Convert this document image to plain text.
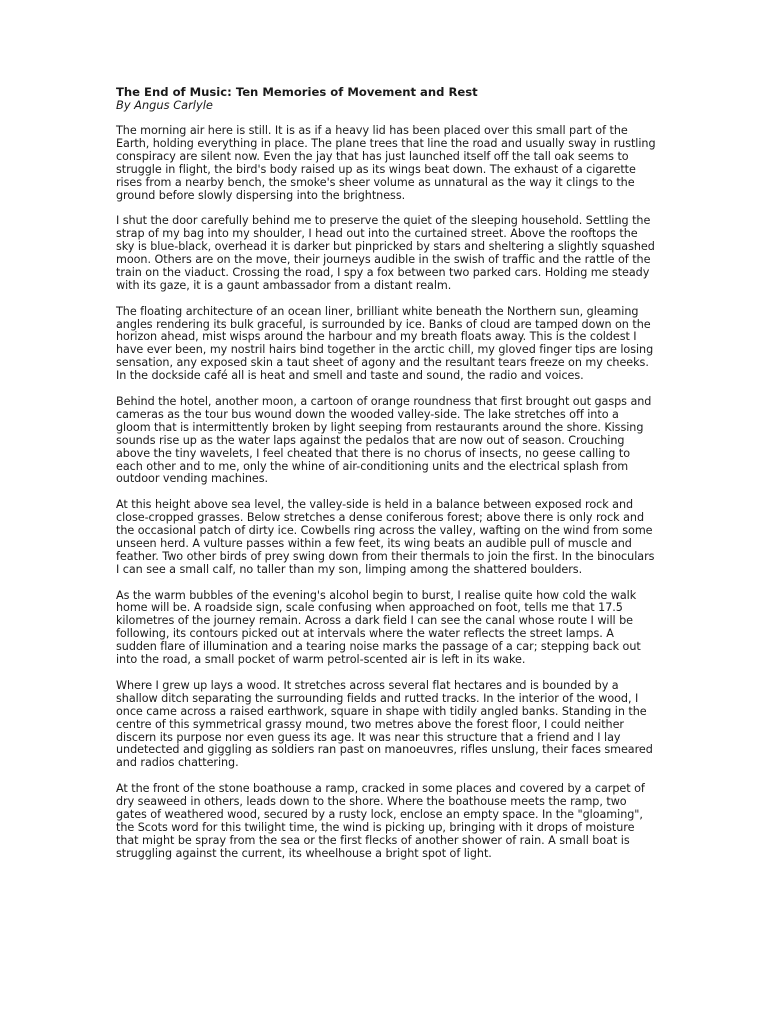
The End of Music: Ten Memories of Movement and Rest
By Angus Carlyle

The morning air here is still. It is as if a heavy lid has been placed over this small part of the Earth, holding everything in place. The plane trees that line the road and usually sway in rustling conspiracy are silent now. Even the jay that has just launched itself off the tall oak seems to struggle in flight, the bird's body raised up as its wings beat down. The exhaust of a cigarette rises from a nearby bench, the smoke's sheer volume as unnatural as the way it clings to the ground before slowly dispersing into the brightness.

I shut the door carefully behind me to preserve the quiet of the sleeping household. Settling the strap of my bag into my shoulder, I head out into the curtained street. Above the rooftops the sky is blue-black, overhead it is darker but pinpricked by stars and sheltering a slightly squashed moon. Others are on the move, their journeys audible in the swish of traffic and the rattle of the train on the viaduct. Crossing the road, I spy a fox between two parked cars. Holding me steady with its gaze, it is a gaunt ambassador from a distant realm.

The floating architecture of an ocean liner, brilliant white beneath the Northern sun, gleaming angles rendering its bulk graceful, is surrounded by ice. Banks of cloud are tamped down on the horizon ahead, mist wisps around the harbour and my breath floats away. This is the coldest I have ever been, my nostril hairs bind together in the arctic chill, my gloved finger tips are losing sensation, any exposed skin a taut sheet of agony and the resultant tears freeze on my cheeks. In the dockside café all is heat and smell and taste and sound, the radio and voices.

Behind the hotel, another moon, a cartoon of orange roundness that first brought out gasps and cameras as the tour bus wound down the wooded valley-side. The lake stretches off into a gloom that is intermittently broken by light seeping from restaurants around the shore. Kissing sounds rise up as the water laps against the pedalos that are now out of season. Crouching above the tiny wavelets, I feel cheated that there is no chorus of insects, no geese calling to each other and to me, only the whine of air-conditioning units and the electrical splash from outdoor vending machines.

At this height above sea level, the valley-side is held in a balance between exposed rock and close-cropped grasses. Below stretches a dense coniferous forest; above there is only rock and the occasional patch of dirty ice. Cowbells ring across the valley, wafting on the wind from some unseen herd. A vulture passes within a few feet, its wing beats an audible pull of muscle and feather. Two other birds of prey swing down from their thermals to join the first. In the binoculars I can see a small calf, no taller than my son, limping among the shattered boulders.

As the warm bubbles of the evening's alcohol begin to burst, I realise quite how cold the walk home will be. A roadside sign, scale confusing when approached on foot, tells me that 17.5 kilometres of the journey remain. Across a dark field I can see the canal whose route I will be following, its contours picked out at intervals where the water reflects the street lamps. A sudden flare of illumination and a tearing noise marks the passage of a car; stepping back out into the road, a small pocket of warm petrol-scented air is left in its wake.

Where I grew up lays a wood. It stretches across several flat hectares and is bounded by a shallow ditch separating the surrounding fields and rutted tracks. In the interior of the wood, I once came across a raised earthwork, square in shape with tidily angled banks. Standing in the centre of this symmetrical grassy mound, two metres above the forest floor, I could neither discern its purpose nor even guess its age. It was near this structure that a friend and I lay undetected and giggling as soldiers ran past on manoeuvres, rifles unslung, their faces smeared and radios chattering.

At the front of the stone boathouse a ramp, cracked in some places and covered by a carpet of dry seaweed in others, leads down to the shore. Where the boathouse meets the ramp, two gates of weathered wood, secured by a rusty lock, enclose an empty space. In the "gloaming", the Scots word for this twilight time, the wind is picking up, bringing with it drops of moisture that might be spray from the sea or the first flecks of another shower of rain. A small boat is struggling against the current, its wheelhouse a bright spot of light.
